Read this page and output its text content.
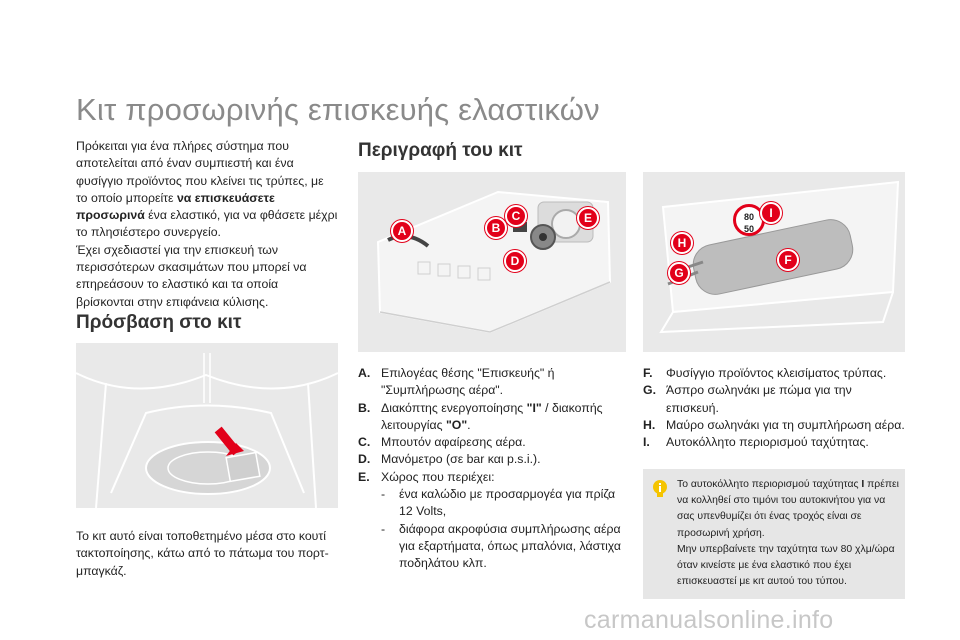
Κιτ προσωρινής επισκευής ελαστικών
Πρόκειται για ένα πλήρες σύστημα που αποτελείται από έναν συμπιεστή και ένα φυσίγγιο προϊόντος που κλείνει τις τρύπες, με το οποίο μπορείτε να επισκευάσετε προσωρινά ένα ελαστικό, για να φθάσετε μέχρι το πλησιέστερο συνεργείο.
Έχει σχεδιαστεί για την επισκευή των περισσότερων σκασιμάτων που μπορεί να επηρεάσουν το ελαστικό και τα οποία βρίσκονται στην επιφάνεια κύλισης.
Πρόσβαση στο κιτ
Το κιτ αυτό είναι τοποθετημένο μέσα στο κουτί τακτοποίησης, κάτω από το πάτωμα του πορτ-μπαγκάζ.
Περιγραφή του κιτ
A	B
C
D
E	80
50
I
H
F
G
A. Επιλογέας θέσης "Επισκευής" ή "Συμπλήρωσης αέρα".
B. Διακόπτης ενεργοποίησης "I" / διακοπής λειτουργίας "O".
C. Μπουτόν αφαίρεσης αέρα.
D. Μανόμετρο (σε bar και p.s.i.).
E. Χώρος που περιέχει:
-	ένα καλώδιο με προσαρμογέα για πρίζα 12 Volts,
-	διάφορα ακροφύσια συμπλήρωσης αέρα για εξαρτήματα, όπως μπαλόνια, λάστιχα ποδηλάτου κλπ.
F.	Φυσίγγιο προϊόντος κλεισίματος τρύπας.
G. Άσπρο σωληνάκι με πώμα για την επισκευή.
H. Μαύρο σωληνάκι για τη συμπλήρωση αέρα.
I.	Αυτοκόλλητο περιορισμού ταχύτητας.
Το αυτοκόλλητο περιορισμού ταχύτητας I πρέπει να κολληθεί στο τιμόνι του αυτοκινήτου για να σας υπενθυμίζει ότι ένας τροχός είναι σε προσωρινή χρήση.
Μην υπερβαίνετε την ταχύτητα των 80 χλμ/ώρα όταν κινείστε με ένα ελαστικό που έχει επισκευαστεί με κιτ αυτού του τύπου.
carmanualsonline.info
